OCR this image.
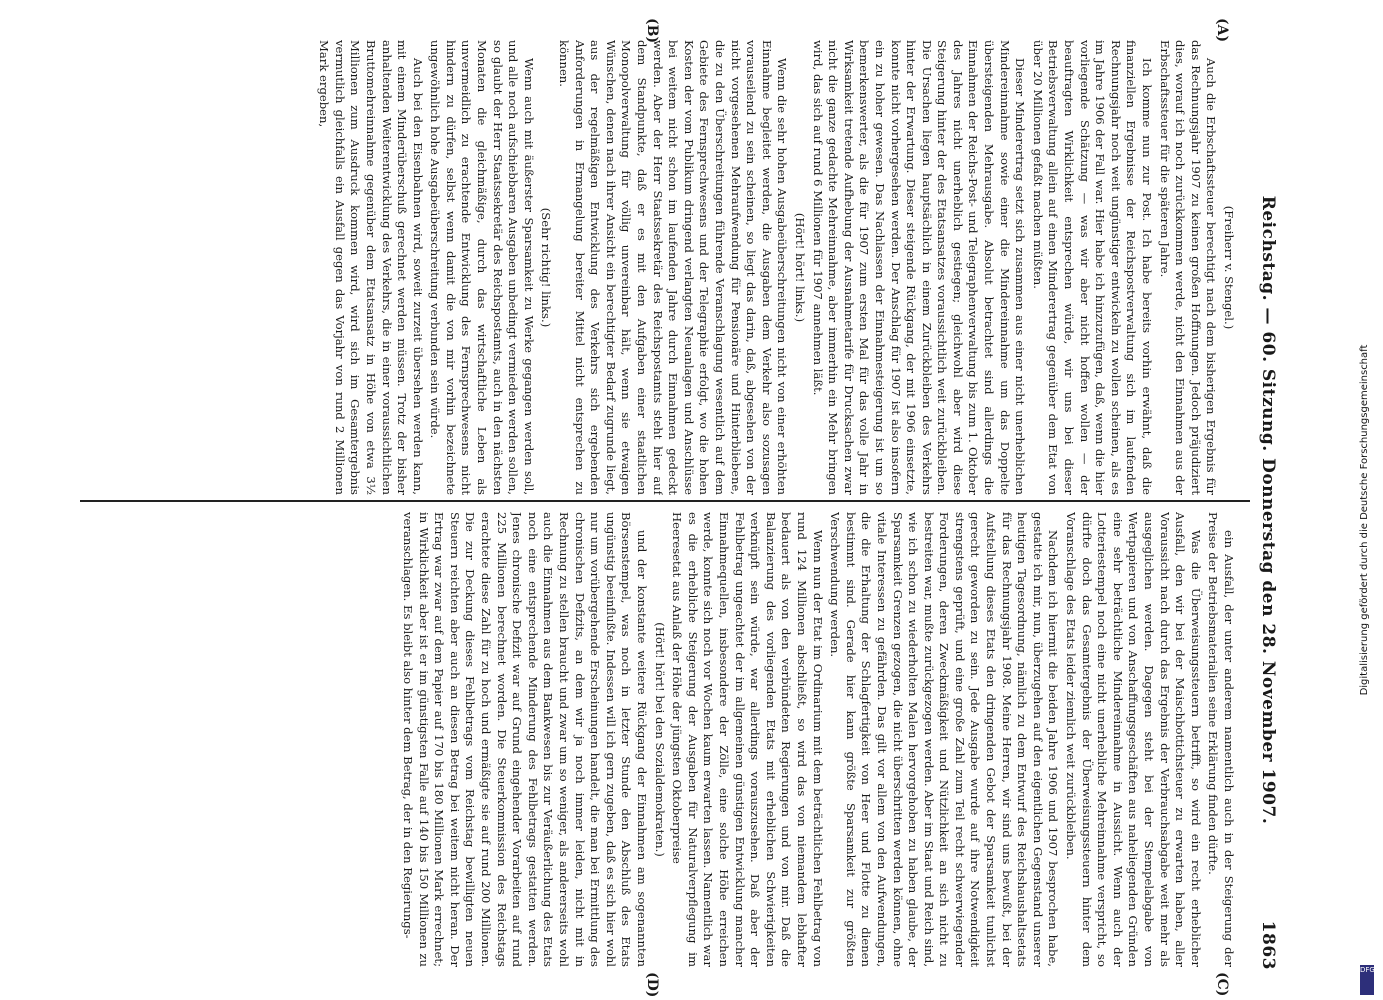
Reichstag. — 60. Sitzung. Donnerstag den 28. November 1907.
1863
(A)
(B)
(C)
(D)

(Freiherr v. Stengel.)

Auch die Erbschaftssteuer berechtigt nach dem bisherigen Ergebnis für das Rechnungsjahr 1907 zu keinen großen Hoffnungen. Jedoch präjudiziert dies, worauf ich noch zurückkommen werde, nicht den Einnahmen aus der Erbschaftssteuer für die späteren Jahre.

Ich komme nun zur Post. Ich habe bereits vorhin erwähnt, daß die finanziellen Ergebnisse der Reichspostverwaltung sich im laufenden Rechnungsjahr noch weit ungünstiger entwickeln zu wollen scheinen, als es im Jahre 1906 der Fall war. Hier habe ich hinzuzufügen, daß, wenn die hier vorliegende Schätzung — was wir aber nicht hoffen wollen — der beauftragten Wirklichkeit entsprechen würde, wir uns bei dieser Betriebsverwaltung allein auf einen Minderertrag gegenüber dem Etat von über 20 Millionen gefaßt machen müßten.

Dieser Minderertrag setzt sich zusammen aus einer nicht unerheblichen Mindereinnahme sowie einer die Mindereinnahme um das Doppelte übersteigenden Mehrausgabe. Absolut betrachtet sind allerdings die Einnahmen der Reichs-Post- und Telegraphenverwaltung bis zum 1. Oktober des Jahres nicht unerheblich gestiegen; gleichwohl aber wird diese Steigerung hinter der des Etatsansatzes voraussichtlich weit zurückbleiben. Die Ursachen liegen hauptsächlich in einem Zurückbleiben des Verkehrs hinter der Erwartung. Dieser steigende Rückgang, der mit 1906 einsetzte, konnte nicht vorhergesehen werden. Der Anschlag für 1907 ist also insofern ein zu hoher gewesen. Das Nachlassen der Einnahmesteigerung ist um so bemerkenswerter, als die für 1907 zum ersten Mal für das volle Jahr in Wirksamkeit tretende Aufhebung der Ausnahmetarife für Drucksachen zwar nicht die ganze gedachte Mehreinnahme, aber immerhin ein Mehr bringen wird, das sich auf rund 6 Millionen für 1907 annehmen läßt.

(Hört! hört! links.)

Wenn die sehr hohen Ausgabeüberschreitungen nicht von einer erhöhten Einnahme begleitet werden, die Ausgaben dem Verkehr also sozusagen vorauseilend zu sein scheinen, so liegt das darin, daß, abgesehen von der nicht vorgesehenen Mehraufwendung für Pensionäre und Hinterbliebene, die zu den Überschreitungen führende Veranschlagung wesentlich auf dem Gebiete des Fernsprechwesens und der Telegraphie erfolgt, wo die hohen Kosten der vom Publikum dringend verlangten Neuanlagen und Anschlüsse bei weitem nicht schon im laufenden Jahre durch Einnahmen gedeckt werden. Aber der Herr Staatssekretär des Reichspostamts steht hier auf dem Standpunkte, daß er es mit den Aufgaben einer staatlichen Monopolverwaltung für völlig unvereinbar hält, wenn sie etwaigen Wünschen, denen nach ihrer Ansicht ein berechtigter Bedarf zugrunde liegt, aus der regelmäßigen Entwicklung des Verkehrs sich ergebenden Anforderungen in Ermangelung bereiter Mittel nicht entsprechen zu können.

(Sehr richtig! links.)

Wenn auch mit äußerster Sparsamkeit zu Werke gegangen werden soll, und alle noch aufschiebbaren Ausgaben unbedingt vermieden werden sollen, so glaubt der Herr Staatssekretär des Reichspostamts, auch in den nächsten Monaten die gleichmäßige, durch das wirtschaftliche Leben als unvermeidlich zu erachtende Entwicklung des Fernsprechwesens nicht hindern zu dürfen, selbst wenn damit die von mir vorhin bezeichnete ungewöhnlich hohe Ausgabeüberschreitung verbunden sein würde.

Auch bei den Eisenbahnen wird, soweit zurzeit übersehen werden kann, mit einem Minderüberschuß gerechnet werden müssen. Trotz der bisher anhaltenden Weiterentwicklung des Verkehrs, die in einer voraussichtlichen Bruttomehreinnahme gegenüber dem Etatsansatz in Höhe von etwa 3½ Millionen zum Ausdruck kommen wird, wird sich im Gesamtergebnis vermutlich gleichfalls ein Ausfall gegen das Vorjahr von rund 2 Millionen Mark ergeben,

ein Ausfall, der unter anderem namentlich auch in der Steigerung der Preise der Betriebsmaterialien seine Erklärung finden dürfte.

Was die Überweisungssteuern betrifft, so wird ein recht erheblicher Ausfall, den wir bei der Maischbottichsteuer zu erwarten haben, aller Voraussicht nach durch das Ergebnis der Verbrauchsabgabe weit mehr als ausgeglichen werden. Dagegen steht bei der Stempelabgabe von Wertpapieren und von Anschaffungsgeschäften aus naheliegenden Gründen eine sehr beträchtliche Mindereinnahme in Aussicht. Wenn auch der Lotteriestempel noch eine nicht unerhebliche Mehreinnahme verspricht, so dürfte doch das Gesamtergebnis der Überweisungssteuern hinter dem Voranschlage des Etats leider ziemlich weit zurückbleiben.

Nachdem ich hiermit die beiden Jahre 1906 und 1907 besprochen habe, gestatte ich mir, nun, überzugehen auf den eigentlichen Gegenstand unserer heutigen Tagesordnung, nämlich zu dem Entwurf des Reichshaushaltsetats für das Rechnungsjahr 1908. Meine Herren, wir sind uns bewußt, bei der Aufstellung dieses Etats den dringenden Gebot der Sparsamkeit tunlichst gerecht geworden zu sein. Jede Ausgabe wurde auf ihre Notwendigkeit strengstens geprüft, und eine große Zahl zum Teil recht schwerwiegender Forderungen, deren Zweckmäßigkeit und Nützlichkeit an sich nicht zu bestreiten war, mußte zurückgezogen werden. Aber im Staat und Reich sind, wie ich schon zu wiederholten Malen hervorgehoben zu haben glaube, der Sparsamkeit Grenzen gezogen, die nicht überschritten werden können, ohne vitale Interessen zu gefährden. Das gilt vor allem von den Aufwendungen, die die Erhaltung der Schlagfertigkeit von Heer und Flotte zu dienen bestimmt sind. Gerade hier kann größte Sparsamkeit zur größten Verschwendung werden.

Wenn nun der Etat im Ordinarium mit dem beträchtlichen Fehlbetrag von rund 124 Millionen abschließt, so wird das von niemandem lebhafter bedauert als von den verbündeten Regierungen und von mir. Daß die Balanzierung des vorliegenden Etats mit erheblichen Schwierigkeiten verknüpft sein würde, war allerdings vorauszusehen. Daß aber der Fehlbetrag ungeachtet der im allgemeinen günstigen Entwicklung mancher Einnahmequellen, insbesondere der Zölle, eine solche Höhe erreichen werde, konnte sich noch vor Wochen kaum erwarten lassen. Namentlich war es die erhebliche Steigerung der Ausgaben für Naturalverpflegung im Heeresetat aus Anlaß der Höhe der jüngsten Oktoberpreise

(Hört! hört! bei den Sozialdemokraten.)

und der konstante weitere Rückgang der Einnahmen am sogenannten Börsenstempel, was noch in letzter Stunde den Abschluß des Etats ungünstig beeinflußte. Indessen will ich gern zugeben, daß es sich hier wohl nur um vorübergehende Erscheinungen handelt, die man bei Ermittlung des chronischen Defizits, an dem wir ja noch immer leiden, nicht mit in Rechnung zu stellen braucht und zwar um so weniger, als andererseits wohl auch die Einnahmen aus dem Bankwesen bis zur Veräußerlichung des Etats noch eine entsprechende Minderung des Fehlbetrags gestatten werden. Jenes chronische Defizit war auf Grund eingehender Vorarbeiten auf rund 225 Millionen berechnet worden. Die Steuerkommission des Reichstags erachtete diese Zahl für zu hoch und ermäßigte sie auf rund 200 Millionen. Die zur Deckung dieses Fehlbetrags vom Reichstag bewilligten neuen Steuern reichten aber auch an diesen Betrag bei weitem nicht heran. Der Ertrag war zwar auf dem Papier auf 170 bis 180 Millionen Mark errechnet; in Wirklichkeit aber ist er im günstigsten Falle auf 140 bis 150 Millionen zu veranschlagen. Es bleibt also hinter dem Betrag, der in den Regierungs-	Digitalisierung gefördert durch die Deutsche Forschungsgemeinschaft
DFG
